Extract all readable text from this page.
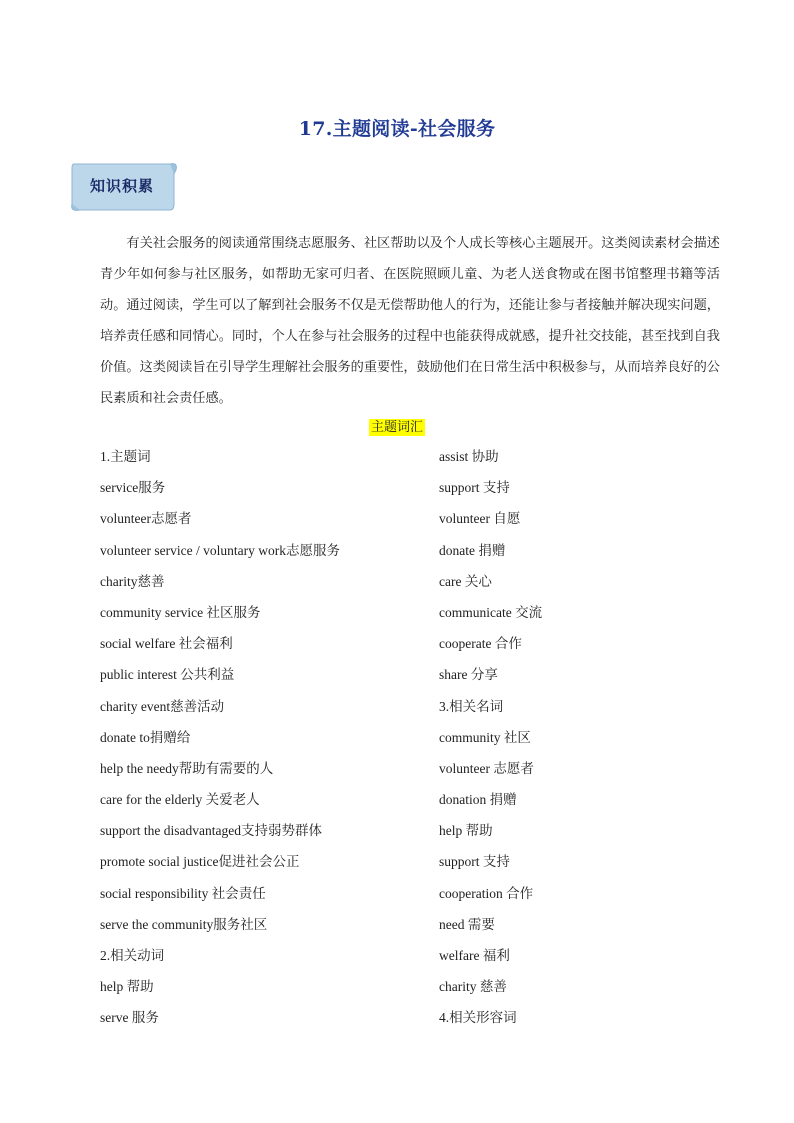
17.主题阅读-社会服务
知识积累

有关社会服务的阅读通常围绕志愿服务、社区帮助以及个人成长等核心主题展开。这类阅读素材会描述青少年如何参与社区服务，如帮助无家可归者、在医院照顾儿童、为老人送食物或在图书馆整理书籍等活动。通过阅读，学生可以了解到社会服务不仅是无偿帮助他人的行为，还能让参与者接触并解决现实问题，培养责任感和同情心。同时，个人在参与社会服务的过程中也能获得成就感，提升社交技能，甚至找到自我价值。这类阅读旨在引导学生理解社会服务的重要性，鼓励他们在日常生活中积极参与，从而培养良好的公民素质和社会责任感。

主题词汇
1.主题词
service服务
volunteer志愿者
volunteer service / voluntary work志愿服务
charity慈善
community service 社区服务
social welfare 社会福利
public interest 公共利益
charity event慈善活动
donate to捐赠给
help the needy帮助有需要的人
care for the elderly 关爱老人
support the disadvantaged支持弱势群体
promote social justice促进社会公正
social responsibility 社会责任
serve the community服务社区
2.相关动词
help 帮助
serve 服务
assist 协助
support 支持
volunteer 自愿
donate 捐赠
care 关心
communicate 交流
cooperate 合作
share 分享
3.相关名词
community 社区
volunteer 志愿者
donation 捐赠
help 帮助
support 支持
cooperation 合作
need 需要
welfare 福利
charity 慈善
4.相关形容词
